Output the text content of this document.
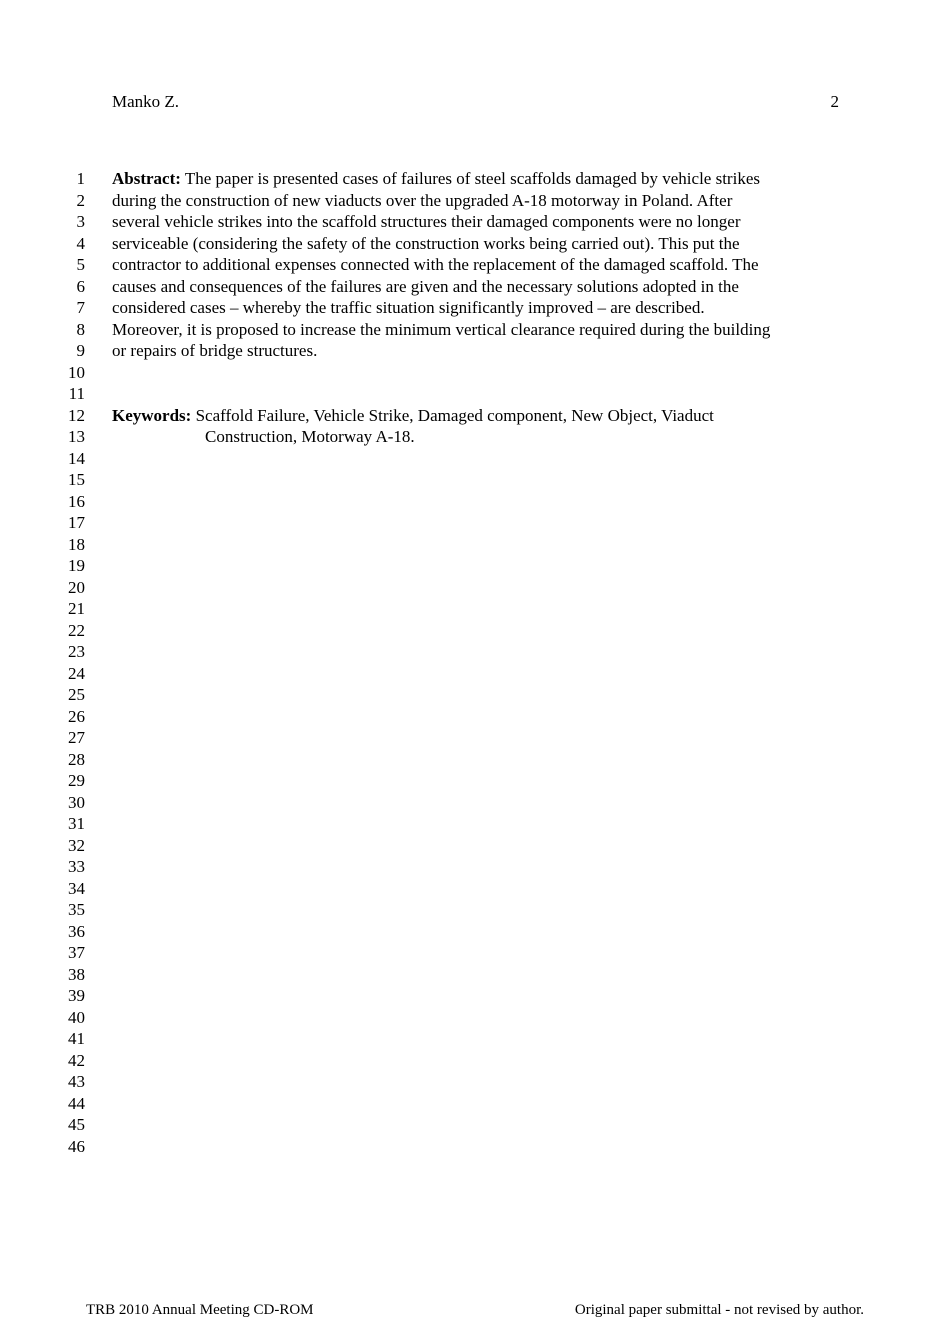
Manko Z.	2
1
2
3
4
5
6
7
8
9
10
11
12
13
14
15
16
17
18
19
20
21
22
23
24
25
26
27
28
29
30
31
32
33
34
35
36
37
38
39
40
41
42
43
44
45
46
Abstract: The paper is presented cases of failures of steel scaffolds damaged by vehicle strikes
during the construction of new viaducts over the upgraded A-18 motorway in Poland. After
several vehicle strikes into the scaffold structures their damaged components were no longer
serviceable (considering the safety of the construction works being carried out). This put the
contractor to additional expenses connected with the replacement of the damaged scaffold. The
causes and consequences of the failures are given and the necessary solutions adopted in the
considered cases – whereby the traffic situation significantly improved – are described.
Moreover, it is proposed to increase the minimum vertical clearance required during the building
or repairs of bridge structures.
Keywords: Scaffold Failure, Vehicle Strike, Damaged component, New Object, Viaduct
Construction, Motorway A-18.
TRB 2010 Annual Meeting CD-ROM	Original paper submittal - not revised by author.
